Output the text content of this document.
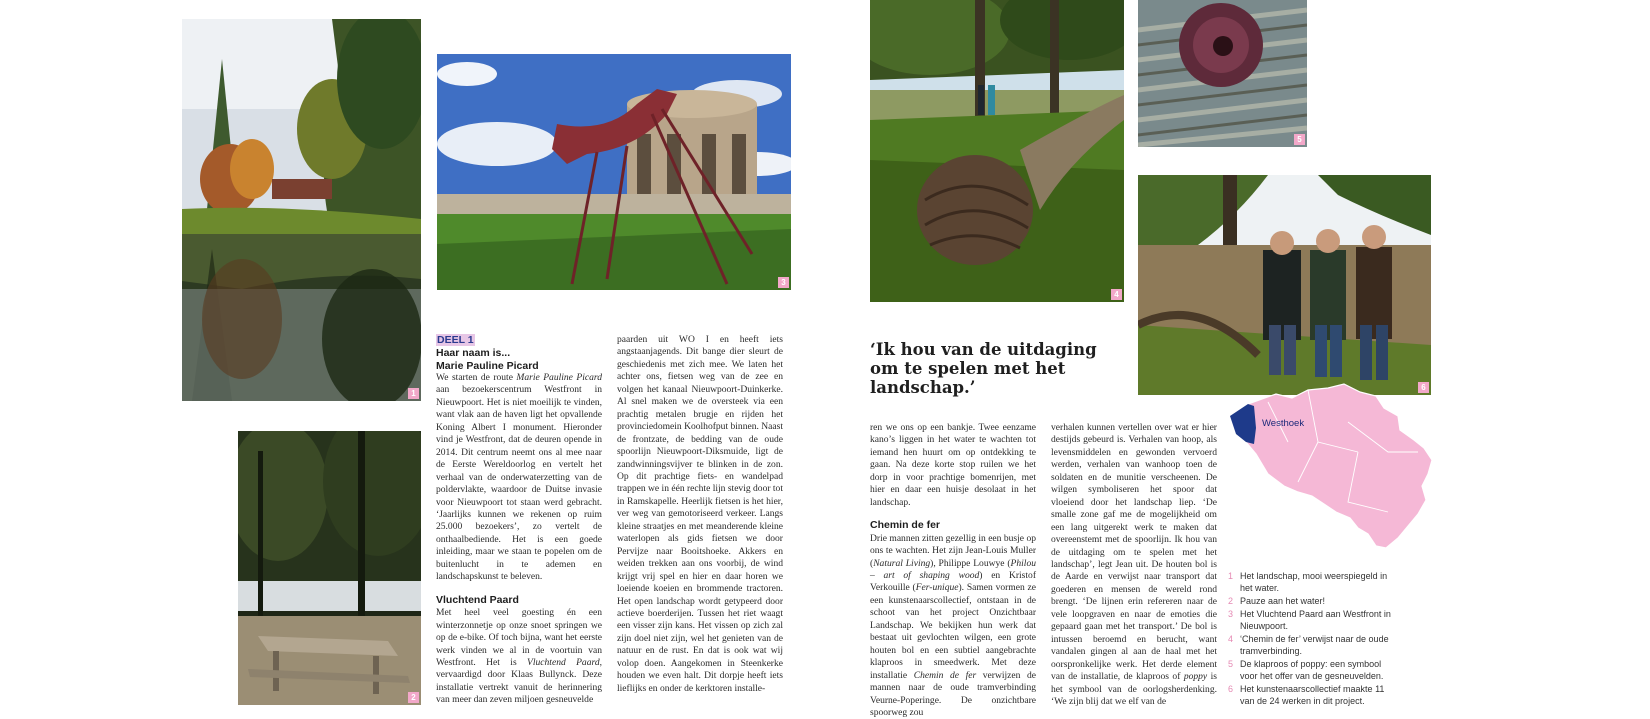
1
2
3
4
5
6
DEEL 1
Haar naam is...
Marie Pauline Picard

We starten de route Marie Pauline Picard aan bezoekerscentrum Westfront in Nieuwpoort. Het is niet moeilijk te vinden, want vlak aan de haven ligt het opvallende Koning Albert I monument. Hieronder vind je Westfront, dat de deuren opende in 2014. Dit centrum neemt ons al mee naar de Eerste Wereldoorlog en vertelt het verhaal van de onderwaterzetting van de poldervlakte, waardoor de Duitse invasie voor Nieuwpoort tot staan werd gebracht. ‘Jaarlijks kunnen we rekenen op ruim 25.000 bezoekers’, zo vertelt de onthaalbediende. Het is een goede inleiding, maar we staan te popelen om de buitenlucht in te ademen en landschapskunst te beleven.

Vluchtend Paard

Met heel veel goesting én een winterzonnetje op onze snoet springen we op de e-bike. Of toch bijna, want het eerste werk vinden we al in de voortuin van Westfront. Het is Vluchtend Paard, vervaardigd door Klaas Bullynck. Deze installatie vertrekt vanuit de herinnering van meer dan zeven miljoen gesneuvelde

paarden uit WO I en heeft iets angstaanjagends. Dit bange dier sleurt de geschiedenis met zich mee. We laten het achter ons, fietsen weg van de zee en volgen het kanaal Nieuwpoort-Duinkerke. Al snel maken we de oversteek via een prachtig metalen brugje en rijden het provinciedomein Koolhofput binnen. Naast de frontzate, de bedding van de oude spoorlijn Nieuwpoort-Diksmuide, ligt de zandwinningsvijver te blinken in de zon. Op dit prachtige fiets- en wandelpad trappen we in één rechte lijn stevig door tot in Ramskapelle. Heerlijk fietsen is het hier, ver weg van gemotoriseerd verkeer. Langs kleine straatjes en met meanderende kleine waterlopen als gids fietsen we door Pervijze naar Booitshoeke. Akkers en weiden trekken aan ons voorbij, de wind krijgt vrij spel en hier en daar horen we loeiende koeien en brommende tractoren. Het open landschap wordt getypeerd door actieve boerderijen. Tussen het riet waagt een visser zijn kans. Het vissen op zich zal zijn doel niet zijn, wel het genieten van de natuur en de rust. En dat is ook wat wij volop doen. Aangekomen in Steenkerke houden we even halt. Dit dorpje heeft iets lieflijks en onder de kerktoren installe-

‘Ik hou van de uitdaging om te spelen met het landschap.’

ren we ons op een bankje. Twee eenzame kano’s liggen in het water te wachten tot iemand hen huurt om op ontdekking te gaan. Na deze korte stop ruilen we het dorp in voor prachtige bomenrijen, met hier en daar een huisje desolaat in het landschap.

Chemin de fer

Drie mannen zitten gezellig in een busje op ons te wachten. Het zijn Jean-Louis Muller (Natural Living), Philippe Louwye (Philou – art of shaping wood) en Kristof Verkouille (Fer-unique). Samen vormen ze een kunstenaarscollectief, ontstaan in de schoot van het project Onzichtbaar Landschap. We bekijken hun werk dat bestaat uit gevlochten wilgen, een grote houten bol en een subtiel aangebrachte klaproos in smeedwerk. Met deze installatie Chemin de fer verwijzen de mannen naar de oude tramverbinding Veurne-Poperinge. De onzichtbare spoorweg zou

verhalen kunnen vertellen over wat er hier destijds gebeurd is. Verhalen van hoop, als levensmiddelen en gewonden vervoerd werden, verhalen van wanhoop toen de soldaten en de munitie verscheenen. De wilgen symboliseren het spoor dat vloeiend door het landschap liep. ‘De smalle zone gaf me de mogelijkheid om een lang uitgerekt werk te maken dat overeenstemt met de spoorlijn. Ik hou van de uitdaging om te spelen met het landschap’, legt Jean uit. De houten bol is de Aarde en verwijst naar transport dat goederen en mensen de wereld rond brengt. ‘De lijnen erin refereren naar de vele loopgraven en naar de emoties die gepaard gaan met het transport.’ De bol is intussen beroemd en berucht, want vandalen gingen al aan de haal met het oorspronkelijke werk. Het derde element van de installatie, de klaproos of poppy is het symbool van de oorlogsherdenking. ‘We zijn blij dat we elf van de

Westhoek
1 Het landschap, mooi weerspiegeld in het water.
2 Pauze aan het water!
3 Het Vluchtend Paard aan Westfront in Nieuwpoort.
4 ‘Chemin de fer’ verwijst naar de oude tramverbinding.
5 De klaproos of poppy: een symbool voor het offer van de gesneuvelden.
6 Het kunstenaarscollectief maakte 11 van de 24 werken in dit project.
